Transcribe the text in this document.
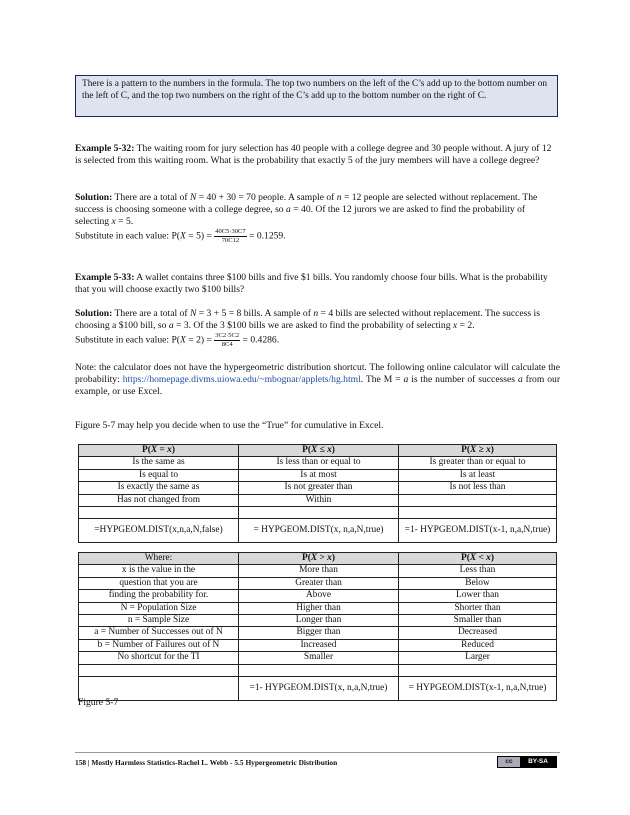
There is a pattern to the numbers in the formula. The top two numbers on the left of the C’s add up to the bottom number on the left of C, and the top two numbers on the right of the C’s add up to the bottom number on the right of C.

Example 5-32: The waiting room for jury selection has 40 people with a college degree and 30 people without. A jury of 12 is selected from this waiting room. What is the probability that exactly 5 of the jury members will have a college degree?

Solution: There are a total of N = 40 + 30 = 70 people. A sample of n = 12 people are selected without replacement. The success is choosing someone with a college degree, so a = 40. Of the 12 jurors we are asked to find the probability of selecting x = 5.

Substitute in each value: $P(X = 5) = \frac{40C5\cdot 30C7}{70C12} = 0.1259$.

Example 5-33: A wallet contains three $100 bills and five $1 bills. You randomly choose four bills. What is the probability that you will choose exactly two $100 bills?

Solution: There are a total of N = 3 + 5 = 8 bills. A sample of n = 4 bills are selected without replacement. The success is choosing a $100 bill, so a = 3. Of the 3 $100 bills we are asked to find the probability of selecting x = 2.

Substitute in each value: $P(X = 2) = \frac{3C2\cdot 5C2}{8C4} = 0.4286$.

Note: the calculator does not have the hypergeometric distribution shortcut. The following online calculator will calculate the probability: https://homepage.divms.uiowa.edu/~mbognar/applets/hg.html. The M = a is the number of successes a from our example, or use Excel.

Figure 5-7 may help you decide when to use the “True” for cumulative in Excel.
P(X = x)	P(X ≤ x)	P(X ≥ x)
Is the same as	Is less than or equal to	Is greater than or equal to
Is equal to	Is at most	Is at least
Is exactly the same as	Is not greater than	Is not less than
Has not changed from	Within	

=HYPGEOM.DIST(x,n,a,N,false)	= HYPGEOM.DIST(x, n,a,N,true)	=1- HYPGEOM.DIST(x-1, n,a,N,true)
Where:	P(X > x)	P(X < x)
x is the value in the	More than	Less than
question that you are	Greater than	Below
finding the probability for.	Above	Lower than
N = Population Size	Higher than	Shorter than
n = Sample Size	Longer than	Smaller than
a = Number of Successes out of N	Bigger than	Decreased
b = Number of Failures out of N	Increased	Reduced
No shortcut for the TI	Smaller	Larger

	=1- HYPGEOM.DIST(x, n,a,N,true)	= HYPGEOM.DIST(x-1, n,a,N,true)
Figure 5-7
158 | Mostly Harmless Statistics-Rachel L. Webb - 5.5 Hypergeometric Distribution	cc	BY-SA
